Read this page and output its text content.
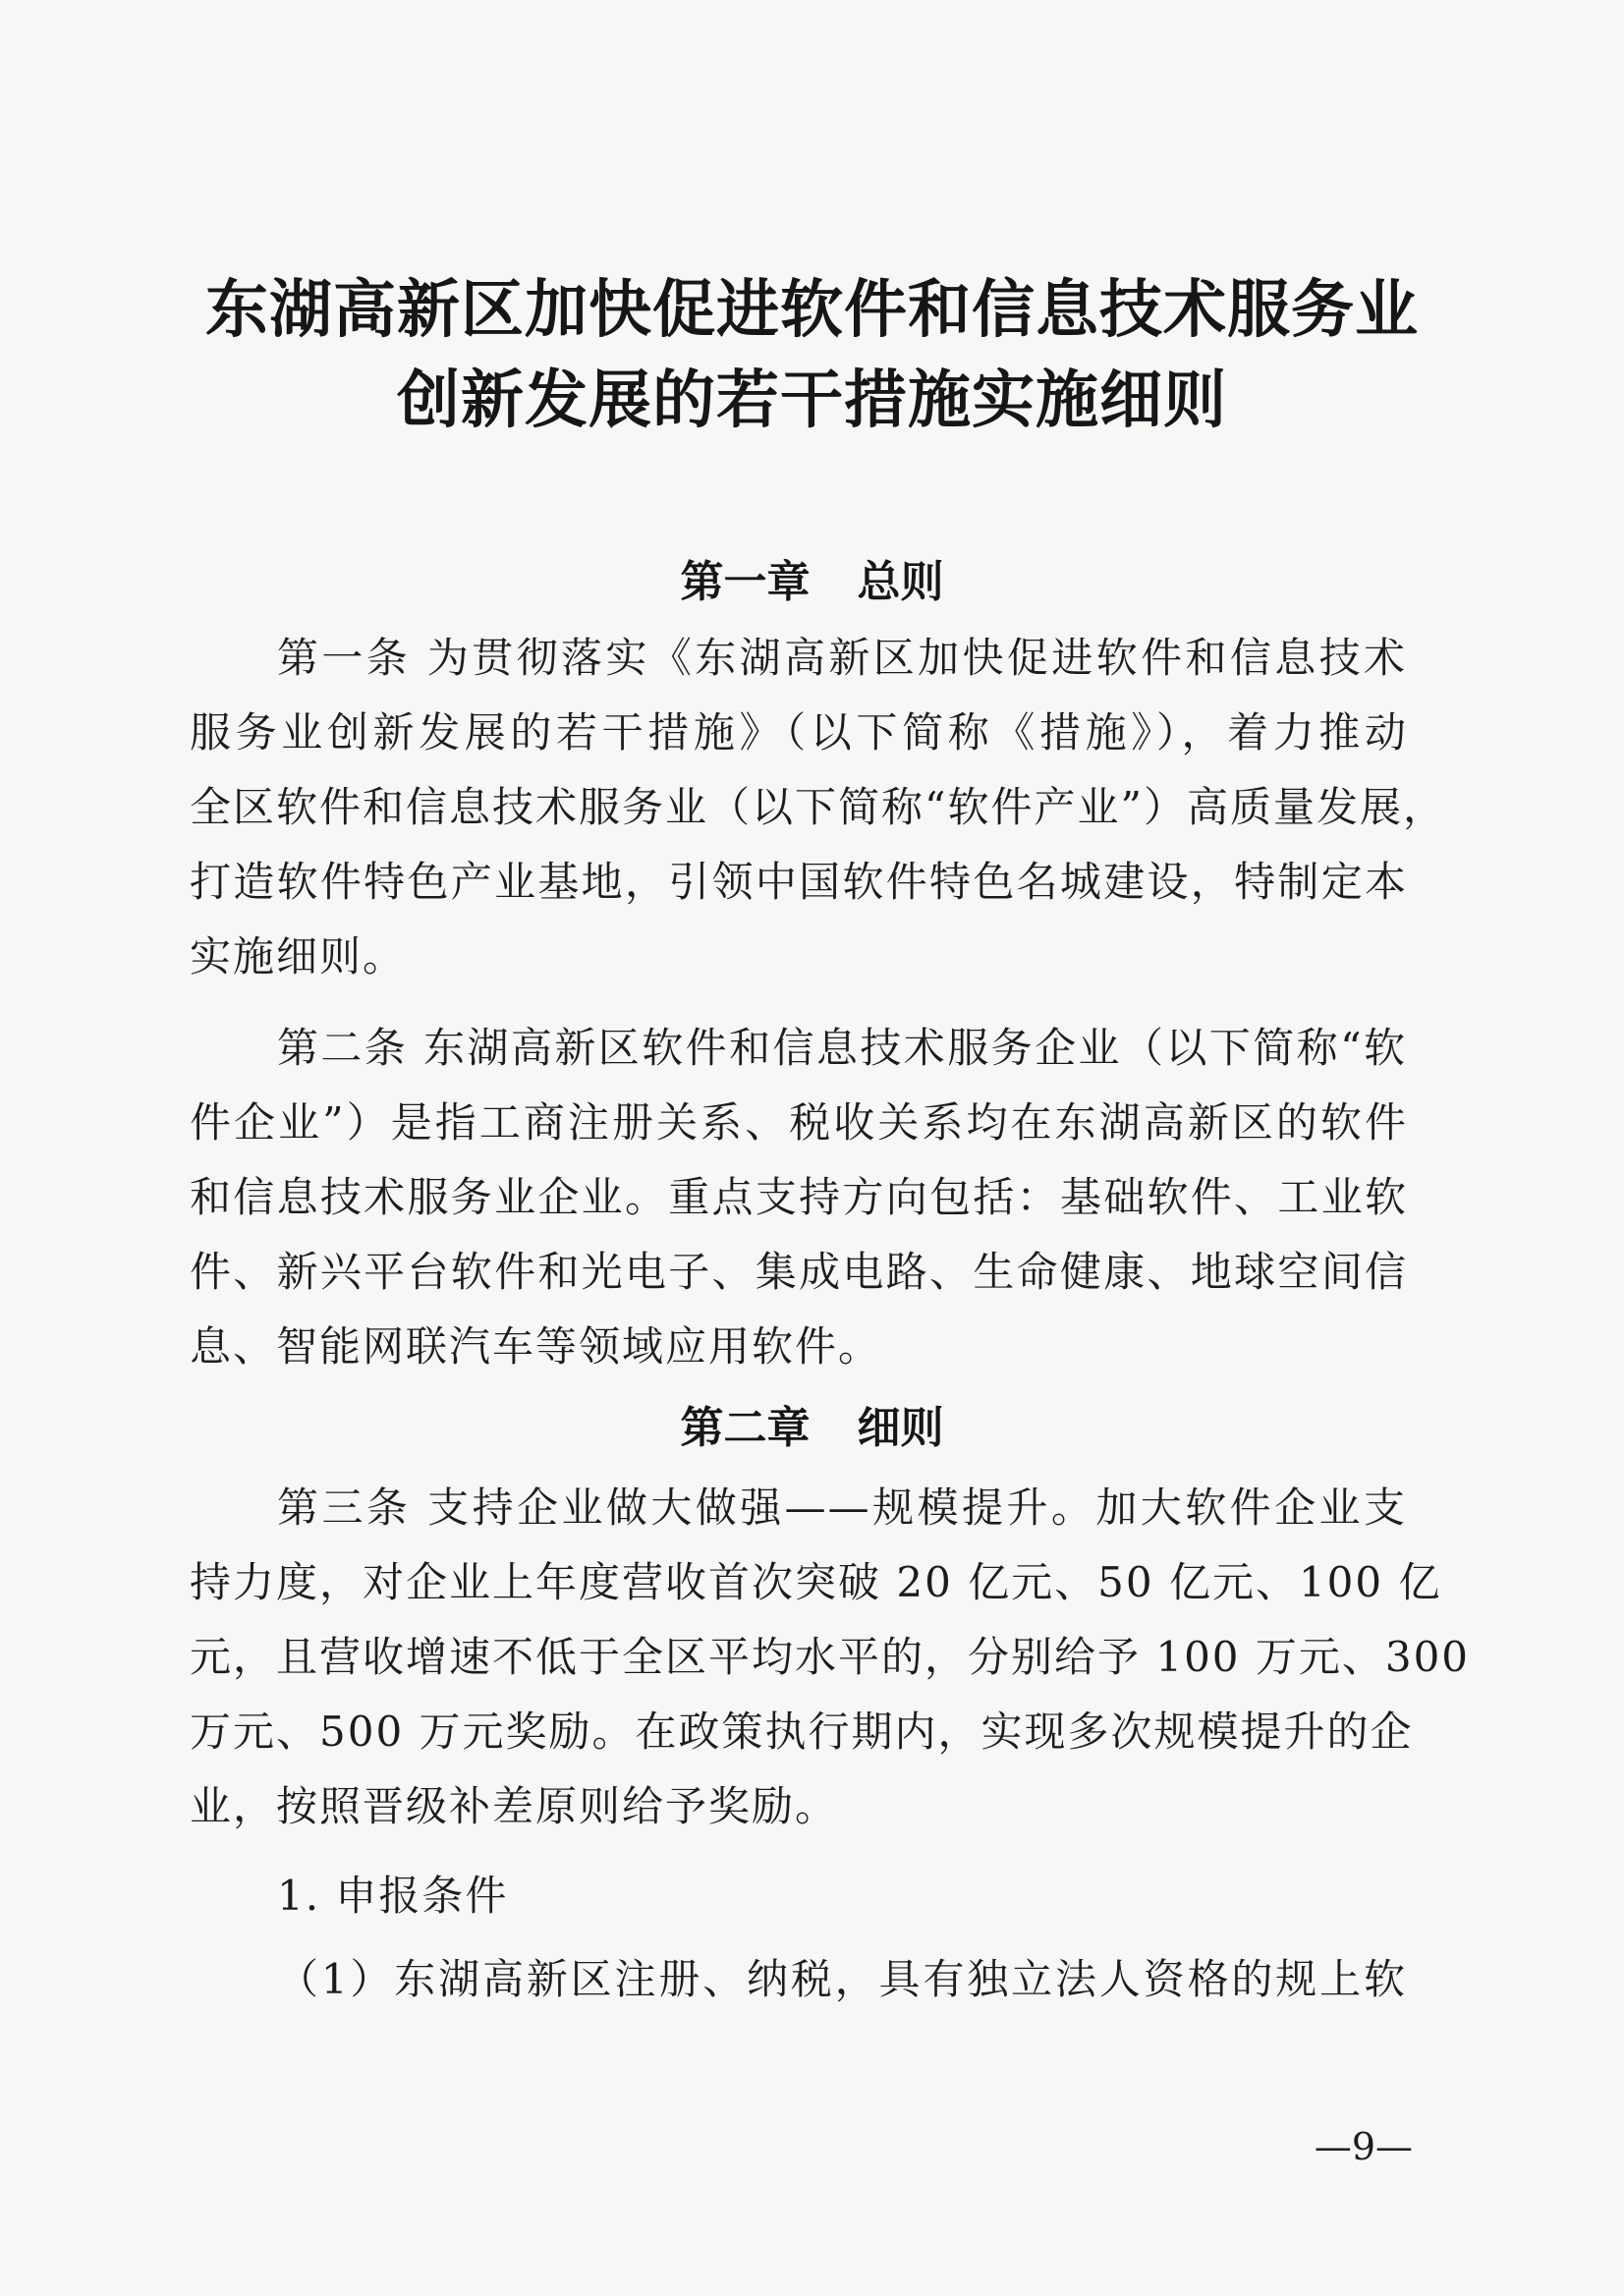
东湖高新区加快促进软件和信息技术服务业
创新发展的若干措施实施细则
第一章 总则
第一条 为贯彻落实《东湖高新区加快促进软件和信息技术
服务业创新发展的若干措施》（以下简称《措施》），着力推动
全区软件和信息技术服务业（以下简称“软件产业”）高质量发展，
打造软件特色产业基地，引领中国软件特色名城建设，特制定本
实施细则。
第二条 东湖高新区软件和信息技术服务企业（以下简称“软
件企业”）是指工商注册关系、税收关系均在东湖高新区的软件
和信息技术服务业企业。重点支持方向包括：基础软件、工业软
件、新兴平台软件和光电子、集成电路、生命健康、地球空间信
息、智能网联汽车等领域应用软件。
第二章 细则
第三条 支持企业做大做强——规模提升。加大软件企业支
持力度，对企业上年度营收首次突破 20 亿元、50 亿元、100 亿
元，且营收增速不低于全区平均水平的，分别给予 100 万元、300
万元、500 万元奖励。在政策执行期内，实现多次规模提升的企
业，按照晋级补差原则给予奖励。
1. 申报条件
（1）东湖高新区注册、纳税，具有独立法人资格的规上软
—9—
